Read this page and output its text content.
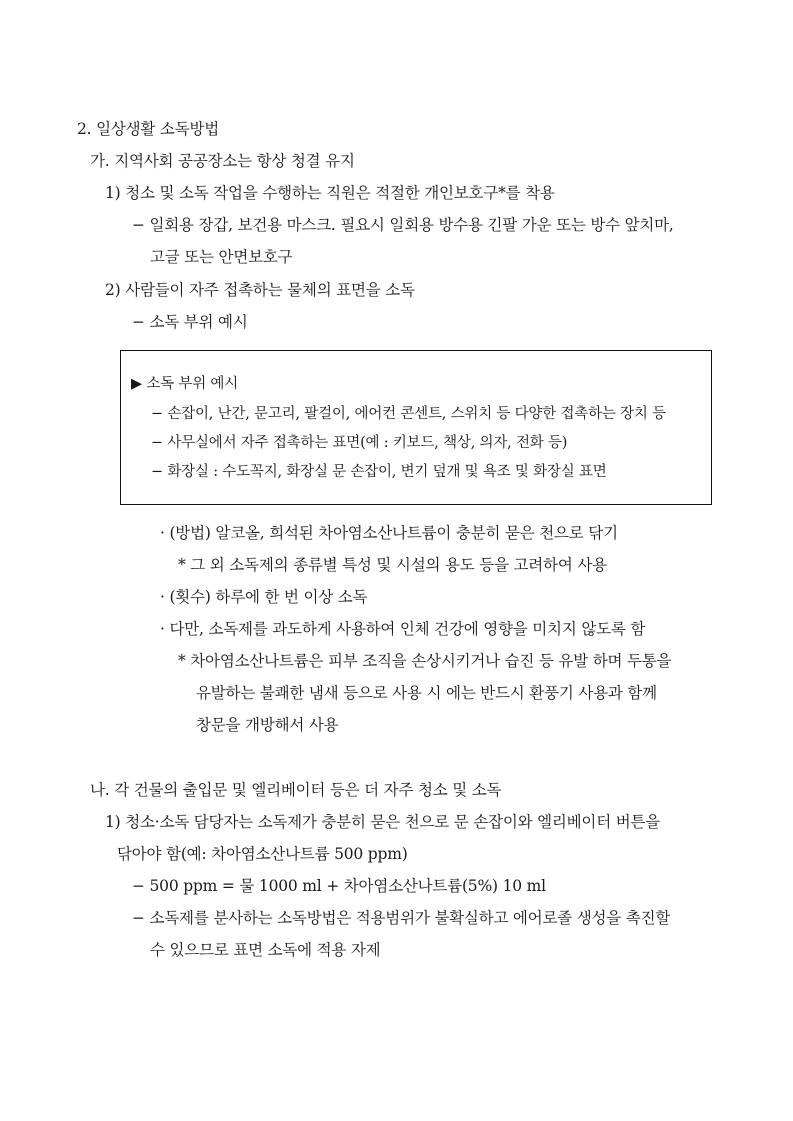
2. 일상생활 소독방법
가. 지역사회 공공장소는 항상 청결 유지
1) 청소 및 소독 작업을 수행하는 직원은 적절한 개인보호구*를 착용
− 일회용 장갑, 보건용 마스크. 필요시 일회용 방수용 긴팔 가운 또는 방수 앞치마,
고글 또는 안면보호구
2) 사람들이 자주 접촉하는 물체의 표면을 소독
− 소독 부위 예시
▶ 소독 부위 예시
− 손잡이, 난간, 문고리, 팔걸이, 에어컨 콘센트, 스위치 등 다양한 접촉하는 장치 등
− 사무실에서 자주 접촉하는 표면(예 : 키보드, 책상, 의자, 전화 등)
− 화장실 : 수도꼭지, 화장실 문 손잡이, 변기 덮개 및 욕조 및 화장실 표면
· (방법) 알코올, 희석된 차아염소산나트륨이 충분히 묻은 천으로 닦기
* 그 외 소독제의 종류별 특성 및 시설의 용도 등을 고려하여 사용
· (횟수) 하루에 한 번 이상 소독
· 다만, 소독제를 과도하게 사용하여 인체 건강에 영향을 미치지 않도록 함
* 차아염소산나트륨은 피부 조직을 손상시키거나 습진 등 유발 하며 두통을
유발하는 불쾌한 냄새 등으로 사용 시 에는 반드시 환풍기 사용과 함께
창문을 개방해서 사용
나. 각 건물의 출입문 및 엘리베이터 등은 더 자주 청소 및 소독
1) 청소·소독 담당자는 소독제가 충분히 묻은 천으로 문 손잡이와 엘리베이터 버튼을
닦아야 함(예: 차아염소산나트륨 500 ppm)
− 500 ppm = 물 1000 ml + 차아염소산나트륨(5%) 10 ml
− 소독제를 분사하는 소독방법은 적용범위가 불확실하고 에어로졸 생성을 촉진할
수 있으므로 표면 소독에 적용 자제
